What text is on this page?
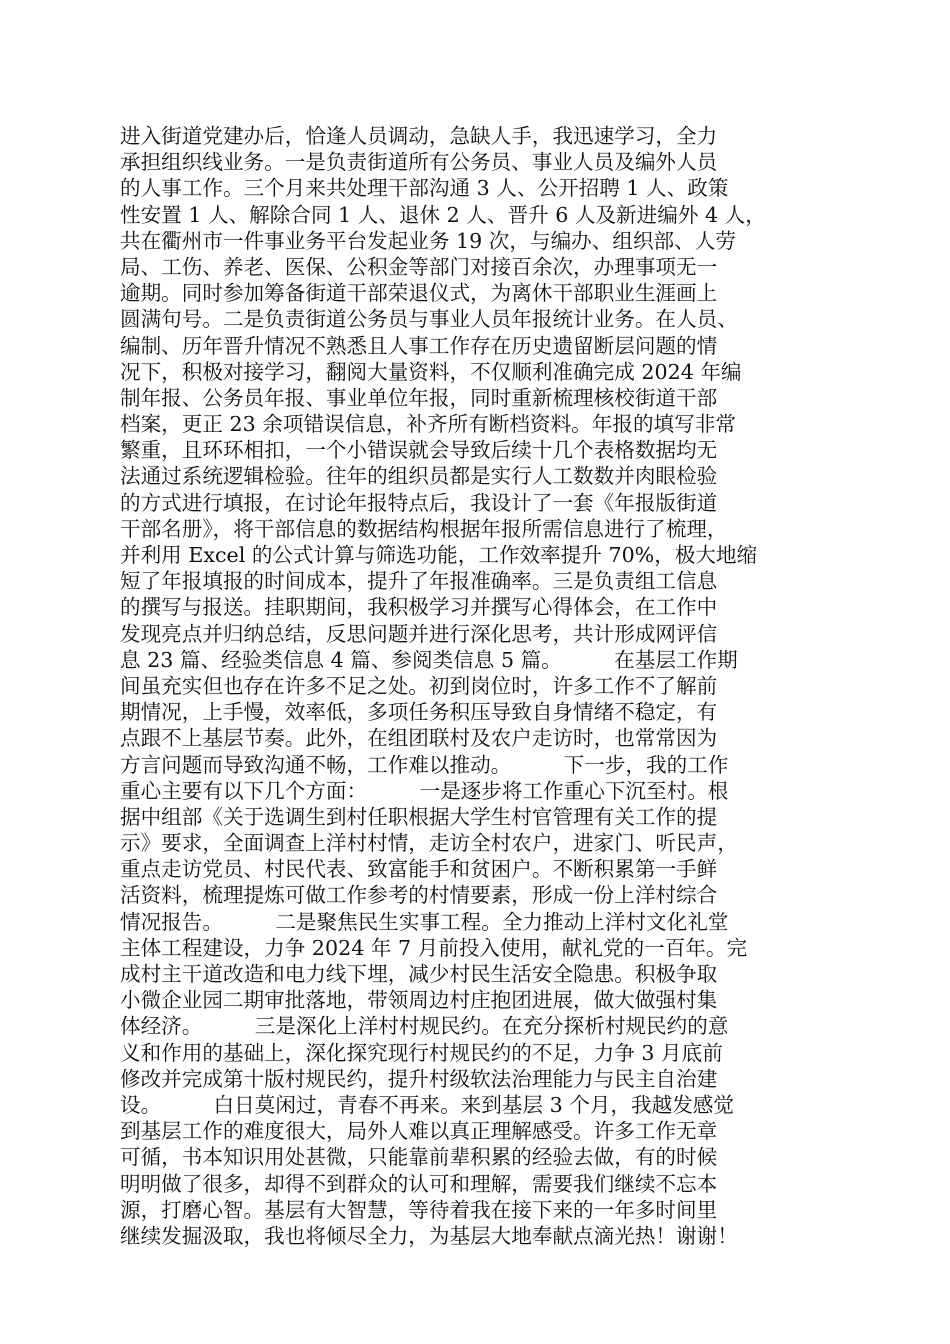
进入街道党建办后，恰逢人员调动，急缺人手，我迅速学习，全力
承担组织线业务。一是负责街道所有公务员、事业人员及编外人员
的人事工作。三个月来共处理干部沟通 3 人、公开招聘 1 人、政策
性安置 1 人、解除合同 1 人、退休 2 人、晋升 6 人及新进编外 4 人，
共在衢州市一件事业务平台发起业务 19 次，与编办、组织部、人劳
局、工伤、养老、医保、公积金等部门对接百余次，办理事项无一
逾期。同时参加筹备街道干部荣退仪式，为离休干部职业生涯画上
圆满句号。二是负责街道公务员与事业人员年报统计业务。在人员、
编制、历年晋升情况不熟悉且人事工作存在历史遗留断层问题的情
况下，积极对接学习，翻阅大量资料，不仅顺利准确完成 2024 年编
制年报、公务员年报、事业单位年报，同时重新梳理核校街道干部
档案，更正 23 余项错误信息，补齐所有断档资料。年报的填写非常
繁重，且环环相扣，一个小错误就会导致后续十几个表格数据均无
法通过系统逻辑检验。往年的组织员都是实行人工数数并肉眼检验
的方式进行填报，在讨论年报特点后，我设计了一套《年报版街道
干部名册》，将干部信息的数据结构根据年报所需信息进行了梳理，
并利用 Excel 的公式计算与筛选功能，工作效率提升 70%，极大地缩
短了年报填报的时间成本，提升了年报准确率。三是负责组工信息
的撰写与报送。挂职期间，我积极学习并撰写心得体会，在工作中
发现亮点并归纳总结，反思问题并进行深化思考，共计形成网评信
息 23 篇、经验类信息 4 篇、参阅类信息 5 篇。        在基层工作期
间虽充实但也存在许多不足之处。初到岗位时，许多工作不了解前
期情况，上手慢，效率低，多项任务积压导致自身情绪不稳定，有
点跟不上基层节奏。此外，在组团联村及农户走访时，也常常因为
方言问题而导致沟通不畅，工作难以推动。        下一步，我的工作
重心主要有以下几个方面：        一是逐步将工作重心下沉至村。根
据中组部《关于选调生到村任职根据大学生村官管理有关工作的提
示》要求，全面调查上洋村村情，走访全村农户，进家门、听民声，
重点走访党员、村民代表、致富能手和贫困户。不断积累第一手鲜
活资料，梳理提炼可做工作参考的村情要素，形成一份上洋村综合
情况报告。        二是聚焦民生实事工程。全力推动上洋村文化礼堂
主体工程建设，力争 2024 年 7 月前投入使用，献礼党的一百年。完
成村主干道改造和电力线下埋，减少村民生活安全隐患。积极争取
小微企业园二期审批落地，带领周边村庄抱团进展，做大做强村集
体经济。        三是深化上洋村村规民约。在充分探析村规民约的意
义和作用的基础上，深化探究现行村规民约的不足，力争 3 月底前
修改并完成第十版村规民约，提升村级软法治理能力与民主自治建
设。        白日莫闲过，青春不再来。来到基层 3 个月，我越发感觉
到基层工作的难度很大，局外人难以真正理解感受。许多工作无章
可循，书本知识用处甚微，只能靠前辈积累的经验去做，有的时候
明明做了很多，却得不到群众的认可和理解，需要我们继续不忘本
源，打磨心智。基层有大智慧，等待着我在接下来的一年多时间里
继续发掘汲取，我也将倾尽全力，为基层大地奉献点滴光热！谢谢！
